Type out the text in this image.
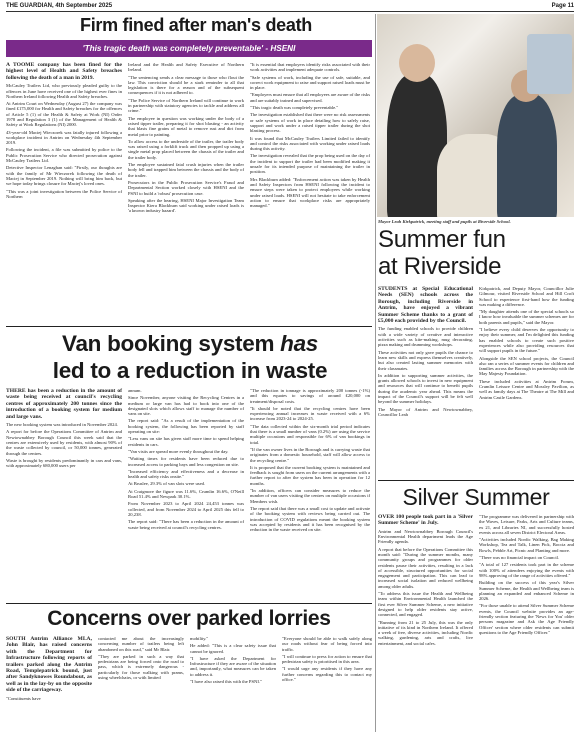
THE GUARDIAN, 4th September 2025	Page 11
Firm fined after man's death
'This tragic death was completely preventable' - HSENI

A TOOME company has been fined for the highest level of Health and Safety breaches following the death of a man in 2019.

McCauley Trailers Ltd, who previously pleaded guilty to the offences in June have received one of the highest ever fines in Northern Ireland following Health and Safety breaches.

At Antrim Court on Wednesday (August 27) the company was fined £175,000 for Health and Safety breaches for the offences of Article 5 (1) of the Health & Safety at Work (NI) Order 1978 and Regulation 3 (1) of the Management of Health & Safety at Work Regulations (NI) 2000.

43-year-old Maciej Wieczorek was fatally injured following a workplace incident in Antrim on Wednesday 4th September 2019.

Following the incident, a file was submitted by police to the Public Prosecution Service who directed prosecution against McCauley Trailers Ltd.

Detective Inspector Lenaghan said: "Firstly, our thoughts are with the family of Mr Wieczorek following the death of Maciej in September 2019. Nothing will bring him back, but we hope today brings closure for Maciej's loved ones.

"This was a joint investigation between the Police Service of Northern

Ireland and the Health and Safety Executive of Northern Ireland.

"The sentencing sends a clear message to those who flout the law. This conviction should be a stark reminder to all that legislation is there for a reason and of the subsequent consequences if it is not adhered to.

"The Police Service of Northern Ireland will continue to work in partnership with statutory agencies to tackle and address all crime."

The employee in question was working under the body of a raised tipper trailer, preparing it for shot blasting - an activity that blasts fine grains of metal to remove rust and dirt from metal prior to painting.

To allow access to the underside of the trailer, the trailer body was raised using a forklift truck and then propped up using a single metal prop placed between the chassis of the trailer and the trailer body.

The employee sustained fatal crush injuries when the trailer body fell and trapped him between the chassis and the body of the trailer.

Prosecutors in the Public Prosecution Service's Fraud and Departmental Section worked closely with HSENI and the PSNI to build a 'robust' prosecution case.

Speaking after the hearing, HSENI Major Investigation Team Inspector Kiera Blackburn said working under raised loads is 'a known industry hazard'.

"It is essential that employers identify risks associated with their work activities and implement adequate controls.

"Safe systems of work, including the use of safe, suitable, and correct work equipment to raise and support raised loads must be in place.

"Employers must ensure that all employees are aware of the risks and are suitably trained and supervised.

"This tragic death was completely preventable."

The investigation established that there were no risk assessments or safe systems of work in place detailing how to safely raise, support and work under a raised tipper trailer during the shot blasting process.

It was found that McCauley Trailers Limited failed to identify and control the risks associated with working under raised loads during this activity.

The investigation revealed that the prop being used on the day of the incident to support the trailer had been modified making it unsafe for its intended purpose of maintaining the trailer in position.

Mrs Blackburn added: "Enforcement action was taken by Health and Safety Inspectors from HSENI following the incident to ensure steps were taken to protect employees while working under raised loads. HSENI will not hesitate to take enforcement action to ensure that workplace risks are appropriately managed."

Mayor Leah Kirkpatrick, meeting staff and pupils at Riverside School.
Summer fun
at Riverside

STUDENTS at Special Educational Needs (SEN) schools across the Borough, including Riverside in Antrim, have enjoyed a vibrant Summer Scheme thanks to a grant of £5,000 each provided by the Council.

The funding enabled schools to provide children with a wide variety of creative and interactive activities such as kite-making, mug decorating, pizza making and drumming workshops.

These activities not only gave pupils the chance to learn new skills and express themselves creatively, but also created lasting summer memories with their classmates.

In addition to supporting summer activities, the grants allowed schools to invest in new equipment and resources that will continue to benefit pupils during the academic year ahead. This means the impact of the Council's support will be felt well beyond the summer holidays.

The Mayor of Antrim and Newtownabbey, Councillor Leah

Kirkpatrick, and Deputy Mayor, Councillor Julie Gilmour, visited Riverside School and Hill Croft School to experience first-hand how the funding was making a difference.

"My daughter attends one of the special schools so I know how invaluable the summer schemes are for both parents and pupils," said the Mayor.

"I believe every child deserves the opportunity to enjoy their summer, and I'm delighted this funding has enabled schools to create such positive experiences while also providing resources that will support pupils in the future."

Alongside the SEN school projects, the Council also ran a series of summer events for children and families across the Borough in partnership with the May Majesty Foundation.

These included activities at Antrim Forum, Crumlin Leisure Centre and Mossley Pavilion, as well as family days at The Theatre at The Mill and Antrim Castle Gardens.

Van booking system has
led to a reduction in waste

THERE has been a reduction in the amount of waste being received at council's recycling centres of approximately 200 tonnes since the introduction of a booking system for medium and large vans.

The new booking system was introduced in November 2024.

A report for before the Operations Committee of Antrim and Newtownabbey Borough Council this week said that the centres are extensively used by residents, with almost 90% of the waste collected by council, or 50,000 tonnes, generated through the centres.

Waste is brought by residents predominantly in cars and vans, with approximately 680,000 users per

annum.

Since November, anyone visiting the Recycling Centres in a medium or large van has had to book into one of the designated slots which allows staff to manage the number of vans on site.

The report said: "As a result of the implementation of the booking system, the following has been reported by staff operating on site:

"Less vans on site has given staff more time to spend helping residents in cars.

"Van visits are spread more evenly throughout the day.

"Waiting times for residents have been reduced due to increased access to parking bays and less congestion on site.

"Increased efficiency and effectiveness and a decrease in health and safety risks onsite."

At Bruslee, 29.3% of van slots were used.

At Craigmore the figure was 11.6%, Crumlin 16.6%, O'Neill Road 51.4% and Newpark 30.1%.

From November 2023 to April 2024 24,453 tonnes was collected, and from November 2024 to April 2025 this fell to 20,238.

The report said: "There has been a reduction in the amount of waste being received at council's recycling centres.

"The reduction in tonnage is approximately 200 tonnes (-1%) and this equates to savings of around £20,000 on treatment/disposal costs.

"It should be noted that the recycling centres have been experiencing annual increases in waste received with a 6% increase from 2023-24 to 2024-25.

"The data collected within the six-month trial period indicates that there is a small number of vans (0.2%) are using the service multiple occasions and responsible for 6% of van bookings in total.

"If the van owner lives in the Borough and is carrying waste that originates from a domestic household, staff will allow access to the recycling centre."

It is proposed that the current booking system is maintained and feedback is sought from users on the current arrangements with a further report to after the system has been in operation for 12 months.

"In addition, officers can consider measures to reduce the number of van users visiting the centres on multiple occasions if Members wish.

The report said that there was a small cost to update and activate of the booking system with reviews being carried out. The introduction of COVID regulations meant the booking system was accepted by residents and it has been recognised by the reduction in the waste received on site.

Silver Summer

OVER 100 people took part in a 'Silver Summer Scheme' in July.

Antrim and Newtownabbey Borough Council's Environmental Health department leads the Age Friendly agenda.

A report that before the Operations Committee this month said: "During the summer months, many community groups and programmes for older residents pause their activities, resulting in a lack of accessible, structured opportunities for social engagement and participation. This can lead to increased social isolation and reduced wellbeing among older adults.

"To address this issue the Health and Wellbeing team within Environmental Health launched the first ever Silver Summer Scheme, a new initiative designed to help older residents stay active, connected, and engaged.

"Running from 21 to 25 July, this was the only initiative of its kind in Northern Ireland. It offered a week of free, diverse activities, including Nordic walking, gardening, arts and crafts, live entertainment, and social cafes.

"The programme was delivered in partnership with the Waves, Leisure, Parks, Arts and Culture teams, ex 21, and Libraries NI, and successfully hosted events across all seven District Electoral Areas.

"Activities included Nordic Walking, Bag Making Workshop, Tea and Talk, Linen Pick, Boccia and Bowls, Pebble Art, Picnic and Planting and more.

"There was no financial impact on Council.

"A total of 127 residents took part in the scheme with 100% of attendees enjoying the events with 98% approving of the range of activities offered."

Building on the success of this year's Silver Summer Scheme, the Health and Wellbeing team is planning an expanded and enhanced Scheme in 2026.

"For those unable to attend Silver Summer Scheme events, the Council website provides an age-friendly section featuring the 'News for You' older persons magazine and Ask the Age Friendly Officer' section where older residents can submit questions to the Age Friendly Officer."

Concerns over parked lorries

SOUTH Antrim Alliance MLA, John Blair, has raised concerns with the Department for Infrastructure following reports of trailers parked along the Antrim Road, Templepatrick bound, just after Sandyknowes Roundabout, as well as in the lay-by on the opposite side of the carriageway.

"Constituents have

contacted me about the increasingly concerning number of trailers being left abandoned on this road," said Mr Blair.

"They are parked in such a way that pedestrians are being forced onto the road to pass, which is extremely dangerous - particularly for those walking with prams, using wheelchairs, or with limited

mobility."

He added: "This is a clear safety issue that cannot be ignored.

"I have asked the Department for Infrastructure if they are aware of the situation and, importantly, what measures can be taken to address it.

"I have also raised this with the PSNI."

"Everyone should be able to walk safely along our roads without fear of being forced into traffic.

"I will continue to press for action to ensure that pedestrian safety is prioritised in this area.

"I would urge any residents if they have any further concerns regarding this to contact my office."
